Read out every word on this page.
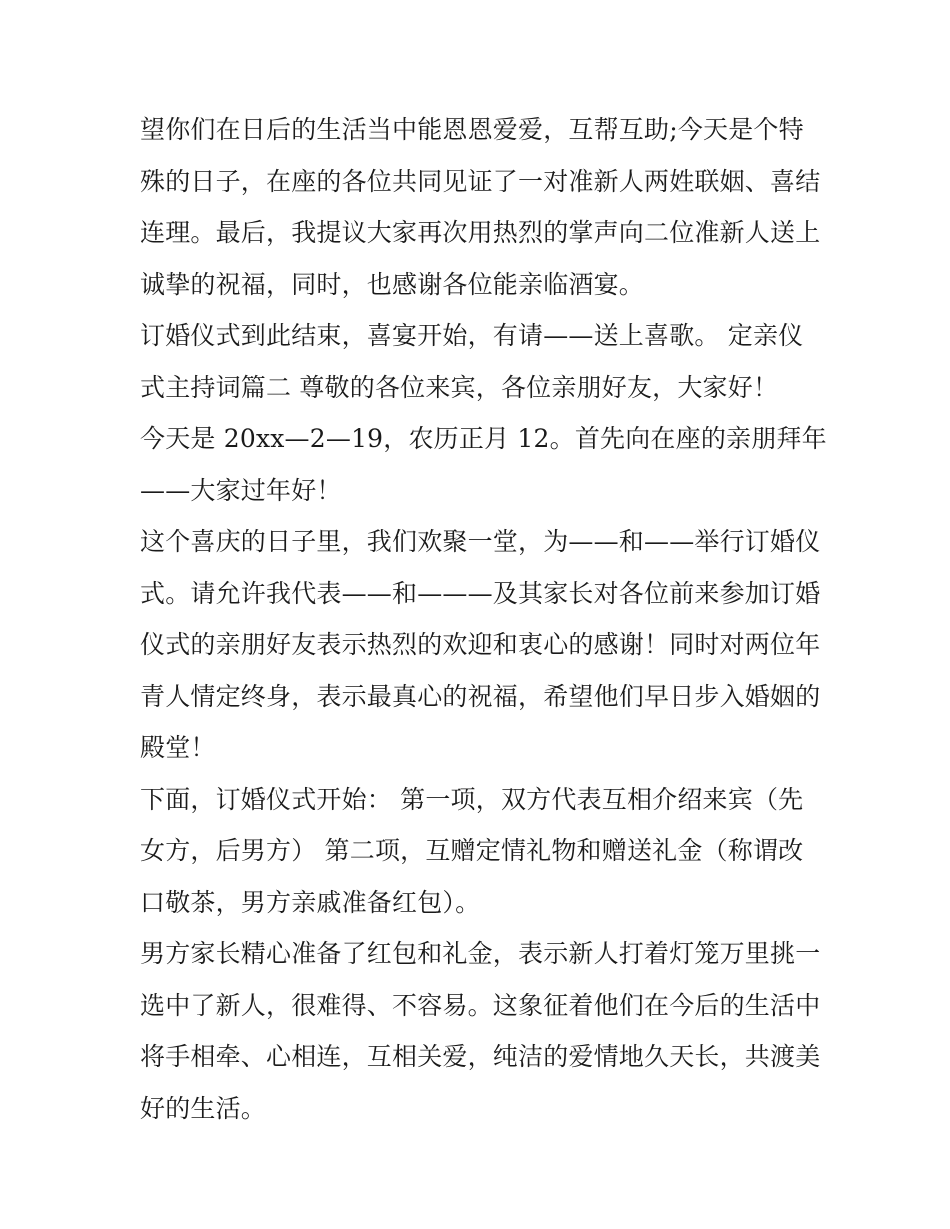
望你们在日后的生活当中能恩恩爱爱，互帮互助;今天是个特
殊的日子，在座的各位共同见证了一对准新人两姓联姻、喜结
连理。最后，我提议大家再次用热烈的掌声向二位准新人送上
诚挚的祝福，同时，也感谢各位能亲临酒宴。

订婚仪式到此结束，喜宴开始，有请——送上喜歌。 定亲仪
式主持词篇二 尊敬的各位来宾，各位亲朋好友，大家好！

今天是 20xx—2—19，农历正月 12。首先向在座的亲朋拜年
——大家过年好！

这个喜庆的日子里，我们欢聚一堂，为——和——举行订婚仪
式。请允许我代表——和———及其家长对各位前来参加订婚
仪式的亲朋好友表示热烈的欢迎和衷心的感谢！同时对两位年
青人情定终身，表示最真心的祝福，希望他们早日步入婚姻的
殿堂！

下面，订婚仪式开始： 第一项，双方代表互相介绍来宾（先
女方，后男方） 第二项，互赠定情礼物和赠送礼金（称谓改
口敬茶，男方亲戚准备红包）。

男方家长精心准备了红包和礼金，表示新人打着灯笼万里挑一
选中了新人，很难得、不容易。这象征着他们在今后的生活中
将手相牵、心相连，互相关爱，纯洁的爱情地久天长，共渡美
好的生活。
